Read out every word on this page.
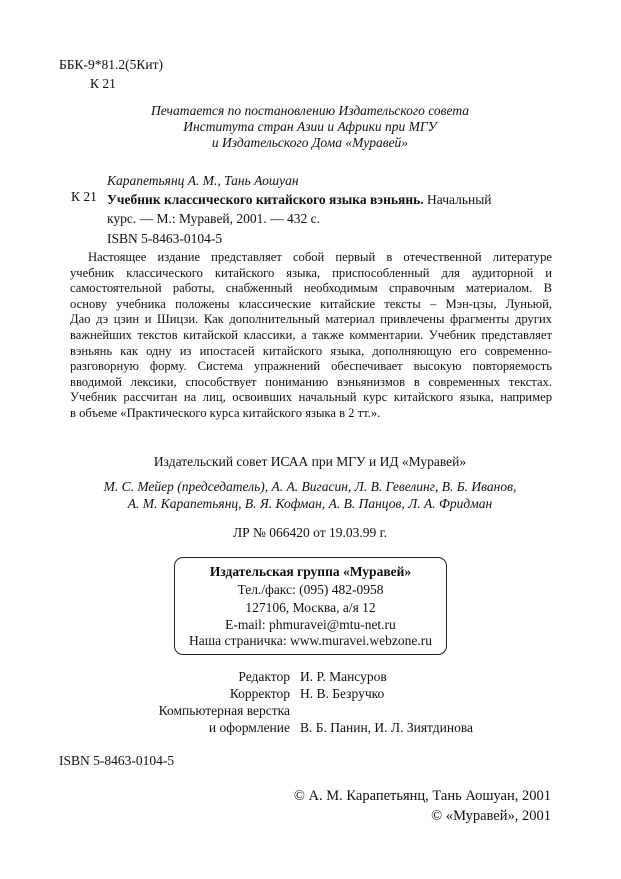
ББК-9*81.2(5Кит)
К 21
Печатается по постановлению Издательского совета
Института стран Азии и Африки при МГУ
и Издательского Дома «Муравей»
К 21
Карапетьянц А. М., Тань Аошуан
Учебник классического китайского языка вэньянь. Начальный
курс. — М.: Муравей, 2001. — 432 с.
ISBN 5-8463-0104-5
Настоящее издание представляет собой первый в отечественной литературе
учебник классического китайского языка, приспособленный для аудиторной и
самостоятельной работы, снабженный необходимым справочным материалом. В
основу учебника положены классические китайские тексты – Мэн-цзы, Луньюй,
Дао дэ цзин и Шицзи. Как дополнительный материал привлечены фрагменты других
важнейших текстов китайской классики, а также комментарии. Учебник представляет
вэньянь как одну из ипостасей китайского языка, дополняющую его современно-
разговорную форму. Система упражнений обеспечивает высокую повторяемость
вводимой лексики, способствует пониманию вэньянизмов в современных текстах.
Учебник рассчитан на лиц, освоивших начальный курс китайского языка, например
в объеме «Практического курса китайского языка в 2 тт.».
Издательский совет ИСАА при МГУ и ИД «Муравей»
М. С. Мейер (председатель), А. А. Вигасин, Л. В. Гевелинг, В. Б. Иванов,
А. М. Карапетьянц, В. Я. Кофман, А. В. Панцов, Л. А. Фридман
ЛР № 066420 от 19.03.99 г.
Издательская группа «Муравей»
Тел./факс: (095) 482-0958
127106, Москва, а/я 12
E-mail: phmuravei@mtu-net.ru
Наша страничка: www.muravei.webzone.ru
Редактор И. Р. Мансуров
Корректор Н. В. Безручко
Компьютерная верстка
и оформление В. Б. Панин, И. Л. Зиятдинова
ISBN 5-8463-0104-5
© А. М. Карапетьянц, Тань Аошуан, 2001
© «Муравей», 2001
